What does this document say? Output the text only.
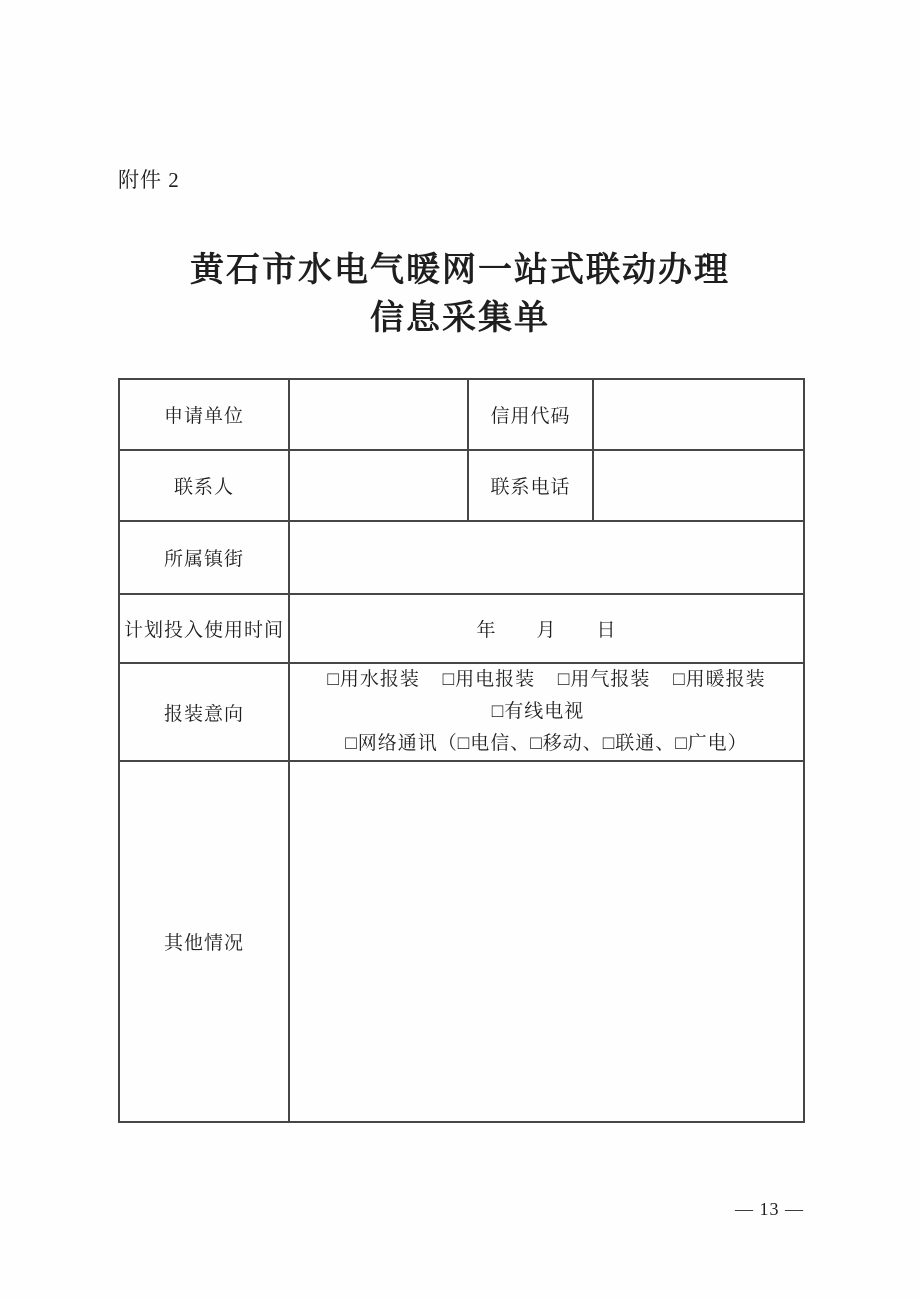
附件 2
黄石市水电气暖网一站式联动办理
信息采集单
申请单位		信用代码	
联系人		联系电话	
所属镇街			
计划投入使用时间	年　　月　　日		
报装意向	□用水报装 □用电报装 □用气报装 □用暖报装
□有线电视 □网络通讯（□电信、□移动、□联通、□广电）		

其他情况			
— 13 —
